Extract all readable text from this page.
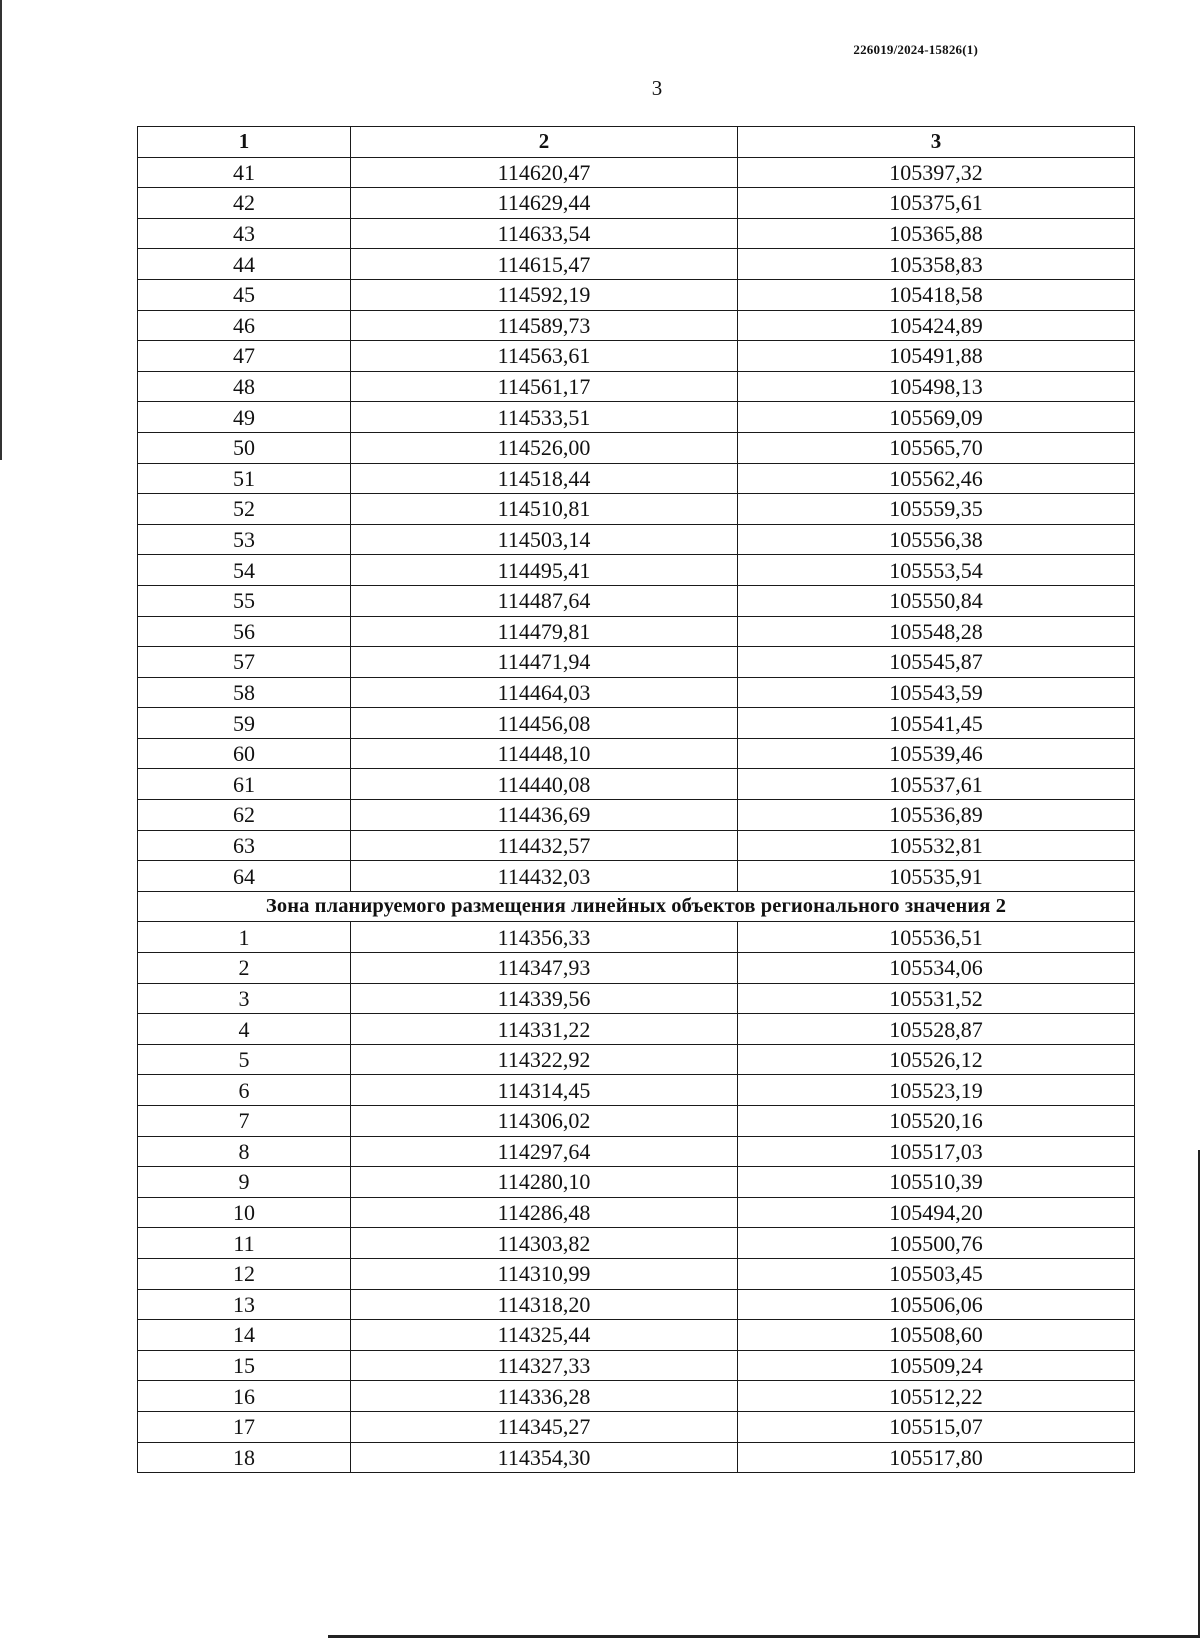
226019/2024-15826(1)
3
1	2	3
41	114620,47	105397,32
42	114629,44	105375,61
43	114633,54	105365,88
44	114615,47	105358,83
45	114592,19	105418,58
46	114589,73	105424,89
47	114563,61	105491,88
48	114561,17	105498,13
49	114533,51	105569,09
50	114526,00	105565,70
51	114518,44	105562,46
52	114510,81	105559,35
53	114503,14	105556,38
54	114495,41	105553,54
55	114487,64	105550,84
56	114479,81	105548,28
57	114471,94	105545,87
58	114464,03	105543,59
59	114456,08	105541,45
60	114448,10	105539,46
61	114440,08	105537,61
62	114436,69	105536,89
63	114432,57	105532,81
64	114432,03	105535,91
Зона планируемого размещения линейных объектов регионального значения 2		
1	114356,33	105536,51
2	114347,93	105534,06
3	114339,56	105531,52
4	114331,22	105528,87
5	114322,92	105526,12
6	114314,45	105523,19
7	114306,02	105520,16
8	114297,64	105517,03
9	114280,10	105510,39
10	114286,48	105494,20
11	114303,82	105500,76
12	114310,99	105503,45
13	114318,20	105506,06
14	114325,44	105508,60
15	114327,33	105509,24
16	114336,28	105512,22
17	114345,27	105515,07
18	114354,30	105517,80
